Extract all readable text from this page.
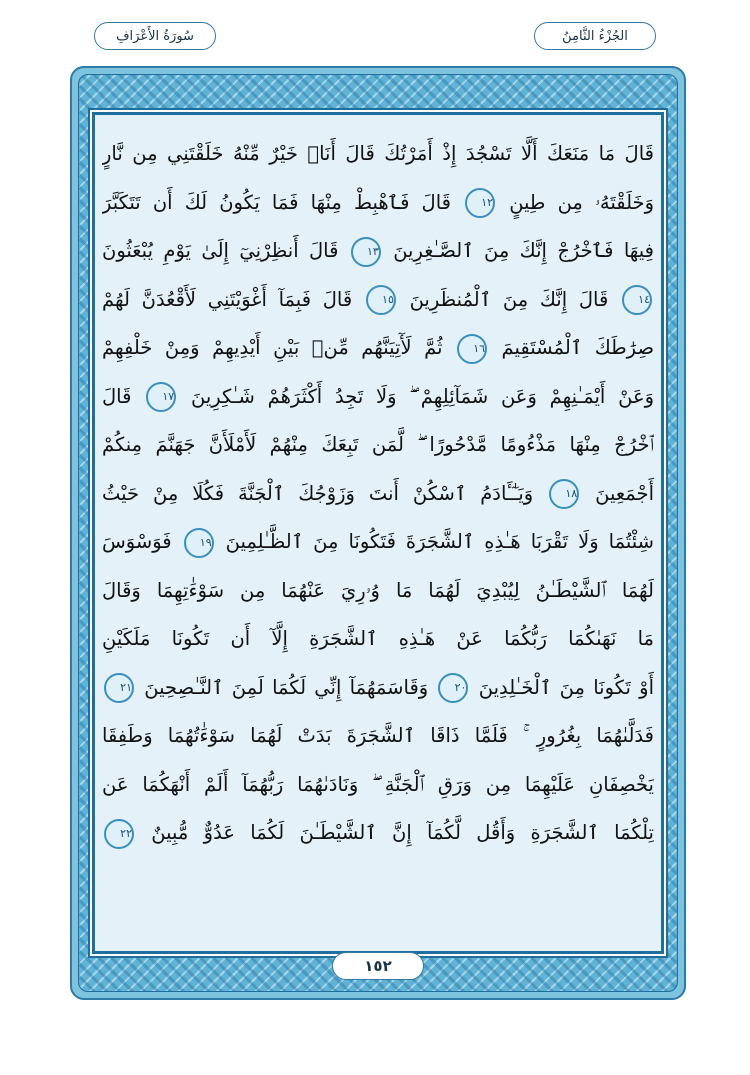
قَالَ مَا مَنَعَكَ أَلَّا تَسْجُدَ إِذْ أَمَرْتُكَ قَالَ أَنَا۠ خَيْرٌ مِّنْهُ خَلَقْتَنِي مِن نَّارٍ
وَخَلَقْتَهُۥ مِن طِينٍ ١٢ قَالَ فَٱهْبِطْ مِنْهَا فَمَا يَكُونُ لَكَ أَن تَتَكَبَّرَ
فِيهَا فَٱخْرُجْ إِنَّكَ مِنَ ٱلصَّـٰغِرِينَ ١٣ قَالَ أَنظِرْنِيٓ إِلَىٰ يَوْمِ يُبْعَثُونَ
١٤ قَالَ إِنَّكَ مِنَ ٱلْمُنظَرِينَ ١٥ قَالَ فَبِمَآ أَغْوَيْتَنِي لَأَقْعُدَنَّ لَهُمْ
صِرَٰطَكَ ٱلْمُسْتَقِيمَ ١٦ ثُمَّ لَأٓتِيَنَّهُم مِّنۢ بَيْنِ أَيْدِيهِمْ وَمِنْ خَلْفِهِمْ
وَعَنْ أَيْمَـٰنِهِمْ وَعَن شَمَآئِلِهِمْ ۖ وَلَا تَجِدُ أَكْثَرَهُمْ شَـٰكِرِينَ ١٧ قَالَ
ٱخْرُجْ مِنْهَا مَذْءُومًا مَّدْحُورًا ۖ لَّمَن تَبِعَكَ مِنْهُمْ لَأَمْلَأَنَّ جَهَنَّمَ مِنكُمْ
أَجْمَعِينَ ١٨ وَيَـٰٓـَٔادَمُ ٱسْكُنْ أَنتَ وَزَوْجُكَ ٱلْجَنَّةَ فَكُلَا مِنْ حَيْثُ
شِئْتُمَا وَلَا تَقْرَبَا هَـٰذِهِ ٱلشَّجَرَةَ فَتَكُونَا مِنَ ٱلظَّـٰلِمِينَ ١٩ فَوَسْوَسَ
لَهُمَا ٱلشَّيْطَـٰنُ لِيُبْدِيَ لَهُمَا مَا وُۥرِيَ عَنْهُمَا مِن سَوْءَٰتِهِمَا وَقَالَ
مَا نَهَىٰكُمَا رَبُّكُمَا عَنْ هَـٰذِهِ ٱلشَّجَرَةِ إِلَّآ أَن تَكُونَا مَلَكَيْنِ
أَوْ تَكُونَا مِنَ ٱلْخَـٰلِدِينَ ٢٠ وَقَاسَمَهُمَآ إِنِّي لَكُمَا لَمِنَ ٱلنَّـٰصِحِينَ ٢١
فَدَلَّىٰهُمَا بِغُرُورٍ ۚ فَلَمَّا ذَاقَا ٱلشَّجَرَةَ بَدَتْ لَهُمَا سَوْءَٰتُهُمَا وَطَفِقَا
يَخْصِفَانِ عَلَيْهِمَا مِن وَرَقِ ٱلْجَنَّةِ ۖ وَنَادَىٰهُمَا رَبُّهُمَآ أَلَمْ أَنْهَكُمَا عَن
تِلْكُمَا ٱلشَّجَرَةِ وَأَقُل لَّكُمَآ إِنَّ ٱلشَّيْطَـٰنَ لَكُمَا عَدُوٌّ مُّبِينٌ ٢٢
١٥٢
سُورَةُ الأَعْرَافِ	الجُزْءُ الثَّامِنُ
